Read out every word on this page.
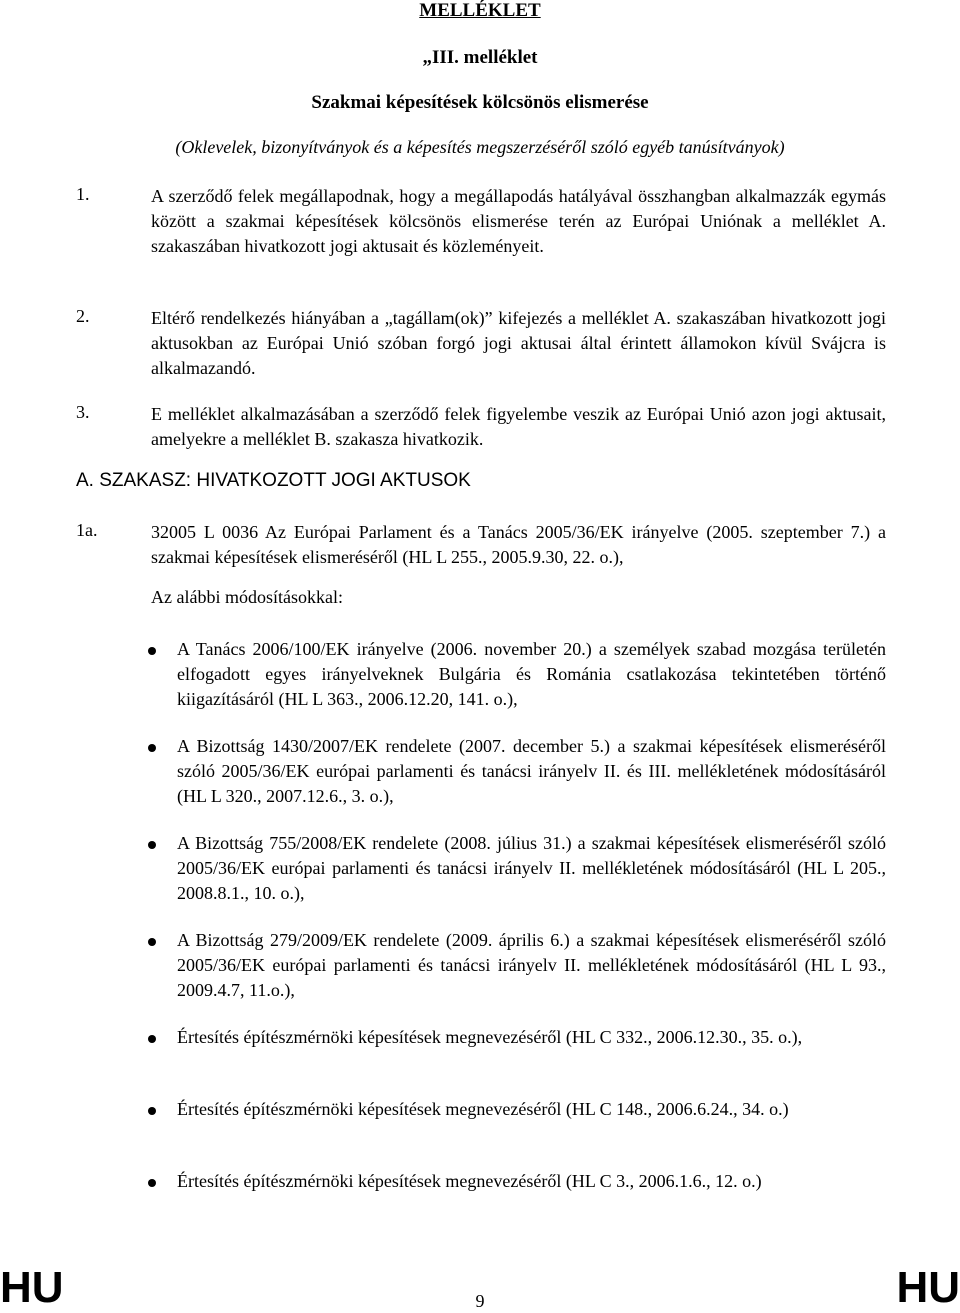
MELLÉKLET
„III. melléklet
Szakmai képesítések kölcsönös elismerése
(Oklevelek, bizonyítványok és a képesítés megszerzéséről szóló egyéb tanúsítványok)
1.	A szerződő felek megállapodnak, hogy a megállapodás hatályával összhangban alkalmazzák egymás között a szakmai képesítések kölcsönös elismerése terén az Európai Uniónak a melléklet A. szakaszában hivatkozott jogi aktusait és közleményeit.
2.	Eltérő rendelkezés hiányában a „tagállam(ok)” kifejezés a melléklet A. szakaszában hivatkozott jogi aktusokban az Európai Unió szóban forgó jogi aktusai által érintett államokon kívül Svájcra is alkalmazandó.
3.	E melléklet alkalmazásában a szerződő felek figyelembe veszik az Európai Unió azon jogi aktusait, amelyekre a melléklet B. szakasza hivatkozik.
A. SZAKASZ: HIVATKOZOTT JOGI AKTUSOK
1a.	32005 L 0036 Az Európai Parlament és a Tanács 2005/36/EK irányelve (2005. szeptember 7.) a szakmai képesítések elismeréséről (HL L 255., 2005.9.30, 22. o.),
Az alábbi módosításokkal:
A Tanács 2006/100/EK irányelve (2006. november 20.) a személyek szabad mozgása területén elfogadott egyes irányelveknek Bulgária és Románia csatlakozása tekintetében történő kiigazításáról (HL L 363., 2006.12.20, 141. o.),
A Bizottság 1430/2007/EK rendelete (2007. december 5.) a szakmai képesítések elismeréséről szóló 2005/36/EK európai parlamenti és tanácsi irányelv II. és III. mellékletének módosításáról (HL L 320., 2007.12.6., 3. o.),
A Bizottság 755/2008/EK rendelete (2008. július 31.) a szakmai képesítések elismeréséről szóló 2005/36/EK európai parlamenti és tanácsi irányelv II. mellékletének módosításáról (HL L 205., 2008.8.1., 10. o.),
A Bizottság 279/2009/EK rendelete (2009. április 6.) a szakmai képesítések elismeréséről szóló 2005/36/EK európai parlamenti és tanácsi irányelv II. mellékletének módosításáról (HL L 93., 2009.4.7, 11.o.),
Értesítés építészmérnöki képesítések megnevezéséről (HL C 332., 2006.12.30., 35. o.),
Értesítés építészmérnöki képesítések megnevezéséről (HL C 148., 2006.6.24., 34. o.)
Értesítés építészmérnöki képesítések megnevezéséről (HL C 3., 2006.1.6., 12. o.)
HU	9	HU
